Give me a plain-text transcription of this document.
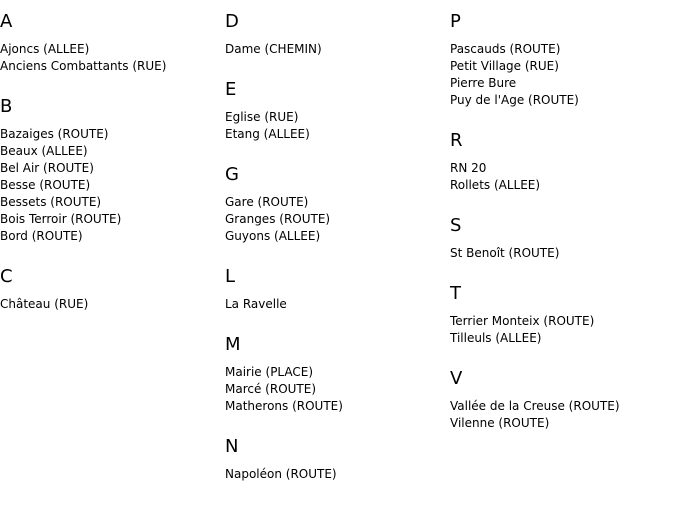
A
Ajoncs (ALLEE)
Anciens Combattants (RUE)
B
Bazaiges (ROUTE)
Beaux (ALLEE)
Bel Air (ROUTE)
Besse (ROUTE)
Bessets (ROUTE)
Bois Terroir (ROUTE)
Bord (ROUTE)
C
Château (RUE)
D
Dame (CHEMIN)
E
Eglise (RUE)
Etang (ALLEE)
G
Gare (ROUTE)
Granges (ROUTE)
Guyons (ALLEE)
L
La Ravelle
M
Mairie (PLACE)
Marcé (ROUTE)
Matherons (ROUTE)
N
Napoléon (ROUTE)
P
Pascauds (ROUTE)
Petit Village (RUE)
Pierre Bure
Puy de l'Age (ROUTE)
R
RN 20
Rollets (ALLEE)
S
St Benoît (ROUTE)
T
Terrier Monteix (ROUTE)
Tilleuls (ALLEE)
V
Vallée de la Creuse (ROUTE)
Vilenne (ROUTE)
